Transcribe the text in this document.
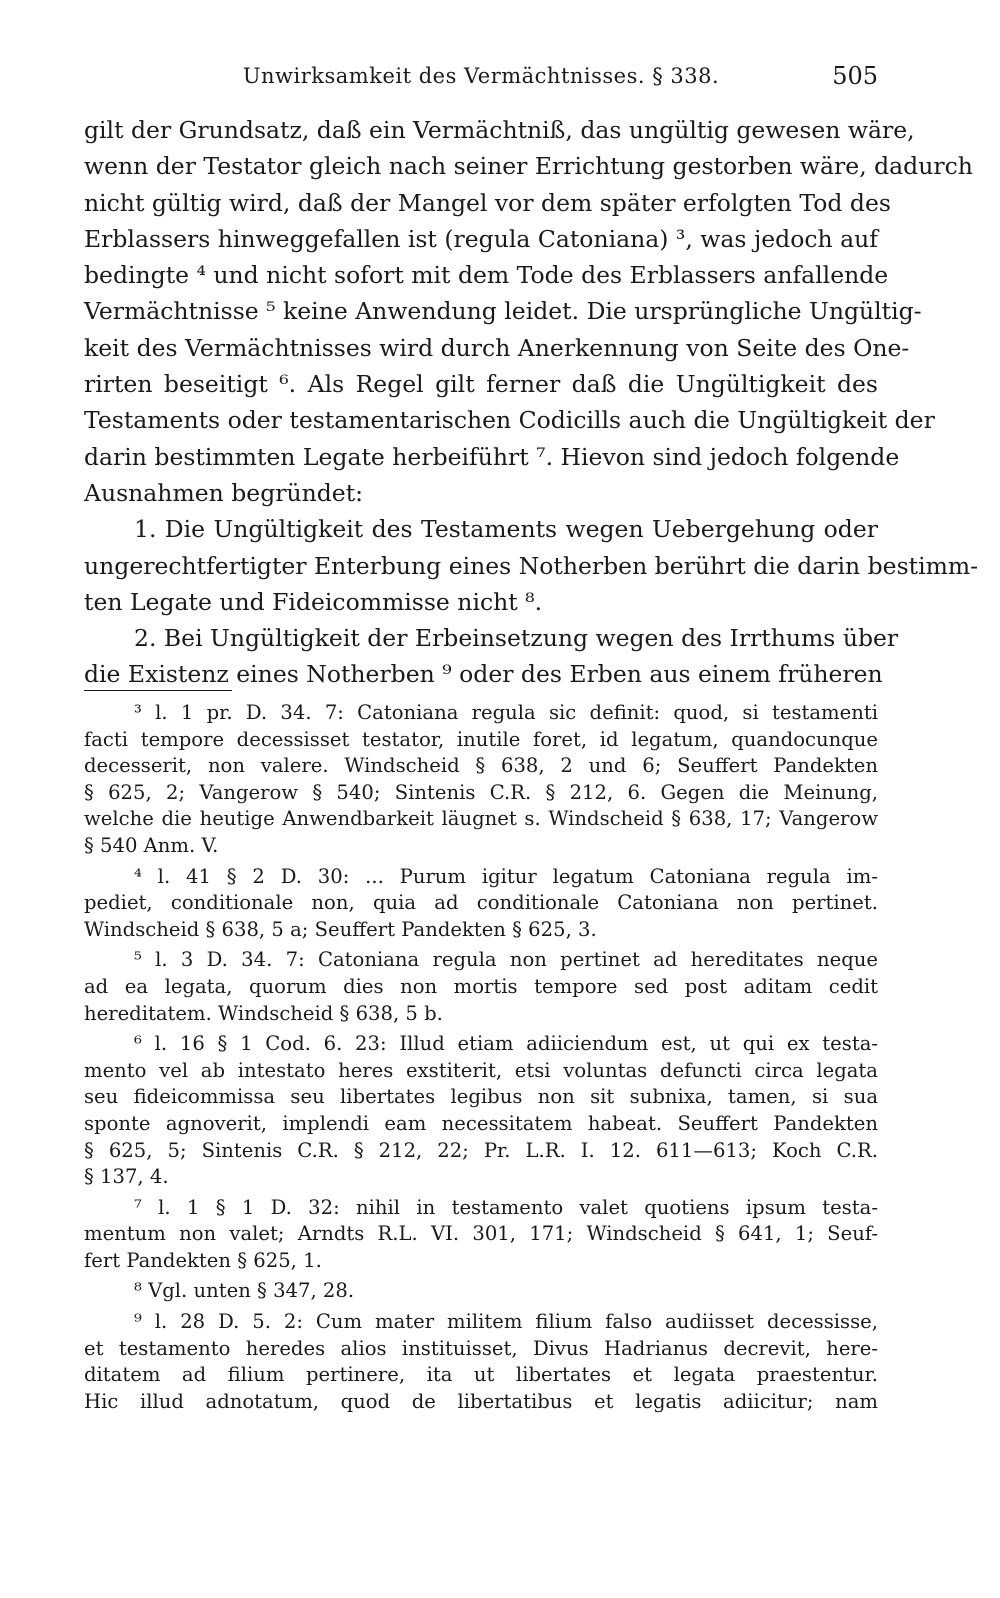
Unwirksamkeit des Vermächtnisses. § 338.	505
gilt der Grundsatz, daß ein Vermächtniß, das ungültig gewesen wäre,
wenn der Testator gleich nach seiner Errichtung gestorben wäre, dadurch
nicht gültig wird, daß der Mangel vor dem später erfolgten Tod des
Erblassers hinweggefallen ist (regula Catoniana) ³, was jedoch auf
bedingte ⁴ und nicht sofort mit dem Tode des Erblassers anfallende
Vermächtnisse ⁵ keine Anwendung leidet. Die ursprüngliche Ungültig-
keit des Vermächtnisses wird durch Anerkennung von Seite des One-
rirten beseitigt ⁶. Als Regel gilt ferner daß die Ungültigkeit des
Testaments oder testamentarischen Codicills auch die Ungültigkeit der
darin bestimmten Legate herbeiführt ⁷. Hievon sind jedoch folgende
Ausnahmen begründet:
1. Die Ungültigkeit des Testaments wegen Uebergehung oder
ungerechtfertigter Enterbung eines Notherben berührt die darin bestimm-
ten Legate und Fideicommisse nicht ⁸.
2. Bei Ungültigkeit der Erbeinsetzung wegen des Irrthums über
die Existenz eines Notherben ⁹ oder des Erben aus einem früheren
³ l. 1 pr. D. 34. 7: Catoniana regula sic definit: quod, si testamenti
facti tempore decessisset testator, inutile foret, id legatum, quandocunque
decesserit, non valere. Windscheid § 638, 2 und 6; Seuffert Pandekten
§ 625, 2; Vangerow § 540; Sintenis C.R. § 212, 6. Gegen die Meinung,
welche die heutige Anwendbarkeit läugnet s. Windscheid § 638, 17; Vangerow
§ 540 Anm. V.
⁴ l. 41 § 2 D. 30: ... Purum igitur legatum Catoniana regula im-
pediet, conditionale non, quia ad conditionale Catoniana non pertinet.
Windscheid § 638, 5 a; Seuffert Pandekten § 625, 3.
⁵ l. 3 D. 34. 7: Catoniana regula non pertinet ad hereditates neque
ad ea legata, quorum dies non mortis tempore sed post aditam cedit
hereditatem. Windscheid § 638, 5 b.
⁶ l. 16 § 1 Cod. 6. 23: Illud etiam adiiciendum est, ut qui ex testa-
mento vel ab intestato heres exstiterit, etsi voluntas defuncti circa legata
seu fideicommissa seu libertates legibus non sit subnixa, tamen, si sua
sponte agnoverit, implendi eam necessitatem habeat. Seuffert Pandekten
§ 625, 5; Sintenis C.R. § 212, 22; Pr. L.R. I. 12. 611—613; Koch C.R.
§ 137, 4.
⁷ l. 1 § 1 D. 32: nihil in testamento valet quotiens ipsum testa-
mentum non valet; Arndts R.L. VI. 301, 171; Windscheid § 641, 1; Seuf-
fert Pandekten § 625, 1.
⁸ Vgl. unten § 347, 28.
⁹ l. 28 D. 5. 2: Cum mater militem filium falso audiisset decessisse,
et testamento heredes alios instituisset, Divus Hadrianus decrevit, here-
ditatem ad filium pertinere, ita ut libertates et legata praestentur.
Hic illud adnotatum, quod de libertatibus et legatis adiicitur; nam
